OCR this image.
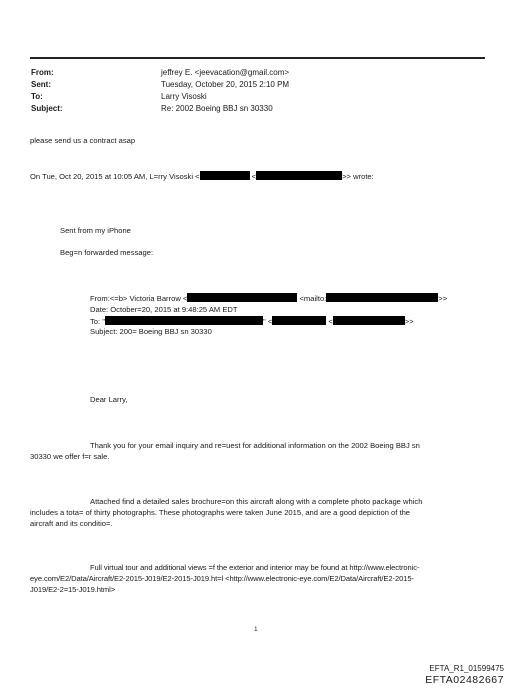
From:	jeffrey E. <jeevacation@gmail.com>
Sent:	Tuesday, October 20, 2015 2:10 PM
To:	Larry Visoski
Subject:	Re: 2002 Boeing BBJ sn 30330
please send us a contract asap
On Tue, Oct 20, 2015 at 10:05 AM, L=rry Visoski <	<	>> wrote:
Sent from my iPhone
Beg=n forwarded message:
From:<=b> Victoria Barrow <	<mailto:	>>
Date: October=20, 2015 at 9:48:25 AM EDT
To: "	" <	<	>>
Subject: 200= Boeing BBJ sn 30330
Dear Larry,
Thank you for your email inquiry and re=uest for additional information on the 2002 Boeing BBJ sn
30330 we offer f=r sale.
Attached find a detailed sales brochure=on this aircraft along with a complete photo package which
includes a tota= of thirty photographs. These photographs were taken June 2015, and are a good depiction of the
aircraft and its conditio=.
Full virtual tour and additional views =f the exterior and interior may be found at http://www.electronic-
eye.com/E2/Data/Aircraft/E2-2015-J019/E2-2015-J019.ht=l <http://www.electronic-eye.com/E2/Data/Aircraft/E2-2015-
J019/E2-2=15-J019.html>
1
EFTA_R1_01599475
EFTA02482667
